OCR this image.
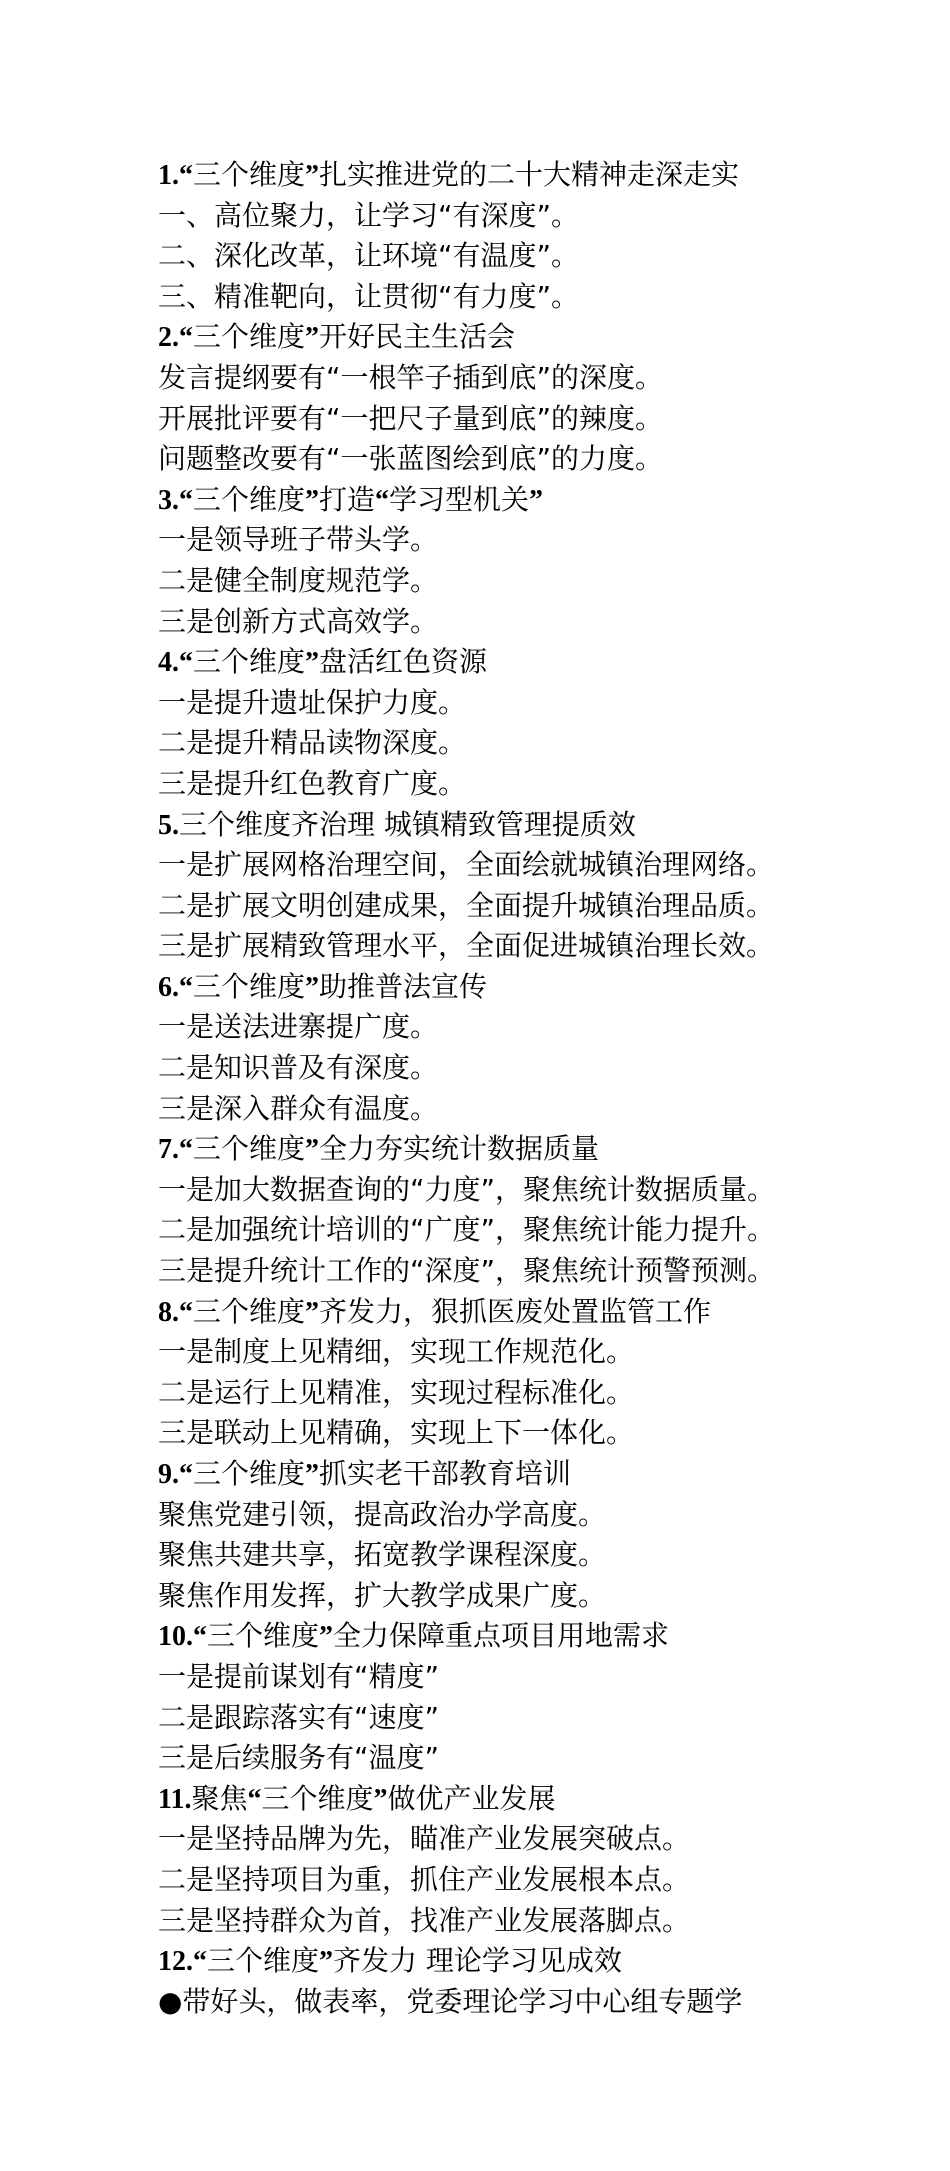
1.“三个维度”扎实推进党的二十大精神走深走实
一、高位聚力，让学习“有深度”。
二、深化改革，让环境“有温度”。
三、精准靶向，让贯彻“有力度”。
2.“三个维度”开好民主生活会
发言提纲要有“一根竿子插到底”的深度。
开展批评要有“一把尺子量到底”的辣度。
问题整改要有“一张蓝图绘到底”的力度。
3.“三个维度”打造“学习型机关”
一是领导班子带头学。
二是健全制度规范学。
三是创新方式高效学。
4.“三个维度”盘活红色资源
一是提升遗址保护力度。
二是提升精品读物深度。
三是提升红色教育广度。
5.三个维度齐治理 城镇精致管理提质效
一是扩展网格治理空间，全面绘就城镇治理网络。
二是扩展文明创建成果，全面提升城镇治理品质。
三是扩展精致管理水平，全面促进城镇治理长效。
6.“三个维度”助推普法宣传
一是送法进寨提广度。
二是知识普及有深度。
三是深入群众有温度。
7.“三个维度”全力夯实统计数据质量
一是加大数据查询的“力度”，聚焦统计数据质量。
二是加强统计培训的“广度”，聚焦统计能力提升。
三是提升统计工作的“深度”，聚焦统计预警预测。
8.“三个维度”齐发力，狠抓医废处置监管工作
一是制度上见精细，实现工作规范化。
二是运行上见精准，实现过程标准化。
三是联动上见精确，实现上下一体化。
9.“三个维度”抓实老干部教育培训
聚焦党建引领，提高政治办学高度。
聚焦共建共享，拓宽教学课程深度。
聚焦作用发挥，扩大教学成果广度。
10.“三个维度”全力保障重点项目用地需求
一是提前谋划有“精度”
二是跟踪落实有“速度”
三是后续服务有“温度”
11.聚焦“三个维度”做优产业发展
一是坚持品牌为先，瞄准产业发展突破点。
二是坚持项目为重，抓住产业发展根本点。
三是坚持群众为首，找准产业发展落脚点。
12.“三个维度”齐发力 理论学习见成效
●带好头，做表率，党委理论学习中心组专题学
